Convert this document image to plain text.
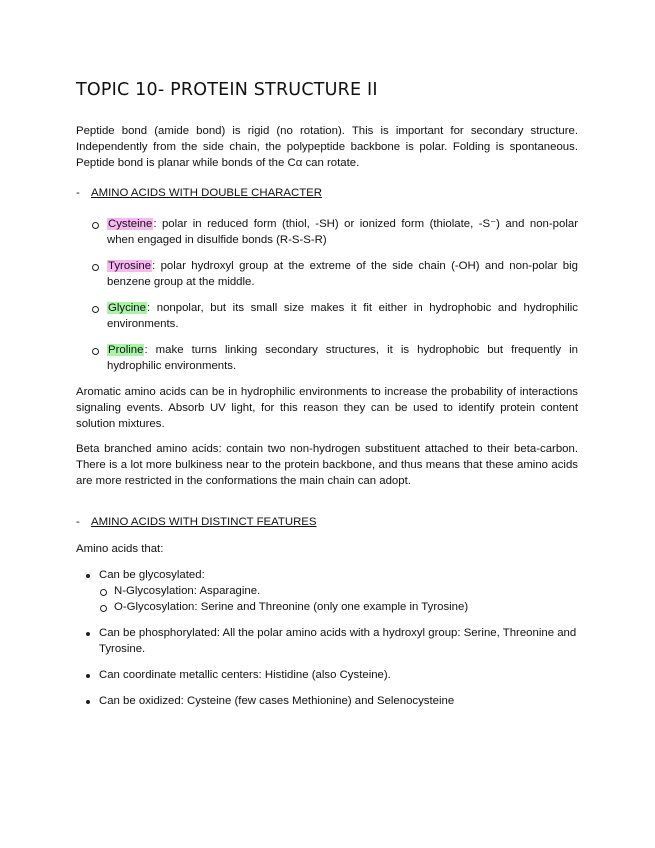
TOPIC 10- PROTEIN STRUCTURE II

Peptide bond (amide bond) is rigid (no rotation). This is important for secondary structure. Independently from the side chain, the polypeptide backbone is polar. Folding is spontaneous. Peptide bond is planar while bonds of the Cα can rotate.

- AMINO ACIDS WITH DOUBLE CHARACTER
Cysteine: polar in reduced form (thiol, -SH) or ionized form (thiolate, -S⁻) and non-polar when engaged in disulfide bonds (R-S-S-R)
Tyrosine: polar hydroxyl group at the extreme of the side chain (-OH) and non-polar big benzene group at the middle.
Glycine: nonpolar, but its small size makes it fit either in hydrophobic and hydrophilic environments.
Proline: make turns linking secondary structures, it is hydrophobic but frequently in hydrophilic environments.

Aromatic amino acids can be in hydrophilic environments to increase the probability of interactions signaling events. Absorb UV light, for this reason they can be used to identify protein content solution mixtures.

Beta branched amino acids: contain two non-hydrogen substituent attached to their beta-carbon. There is a lot more bulkiness near to the protein backbone, and thus means that these amino acids are more restricted in the conformations the main chain can adopt.

- AMINO ACIDS WITH DISTINCT FEATURES

Amino acids that:

Can be glycosylated:
N-Glycosylation: Asparagine.
O-Glycosylation: Serine and Threonine (only one example in Tyrosine)
Can be phosphorylated: All the polar amino acids with a hydroxyl group: Serine, Threonine and Tyrosine.
Can coordinate metallic centers: Histidine (also Cysteine).
Can be oxidized: Cysteine (few cases Methionine) and Selenocysteine
